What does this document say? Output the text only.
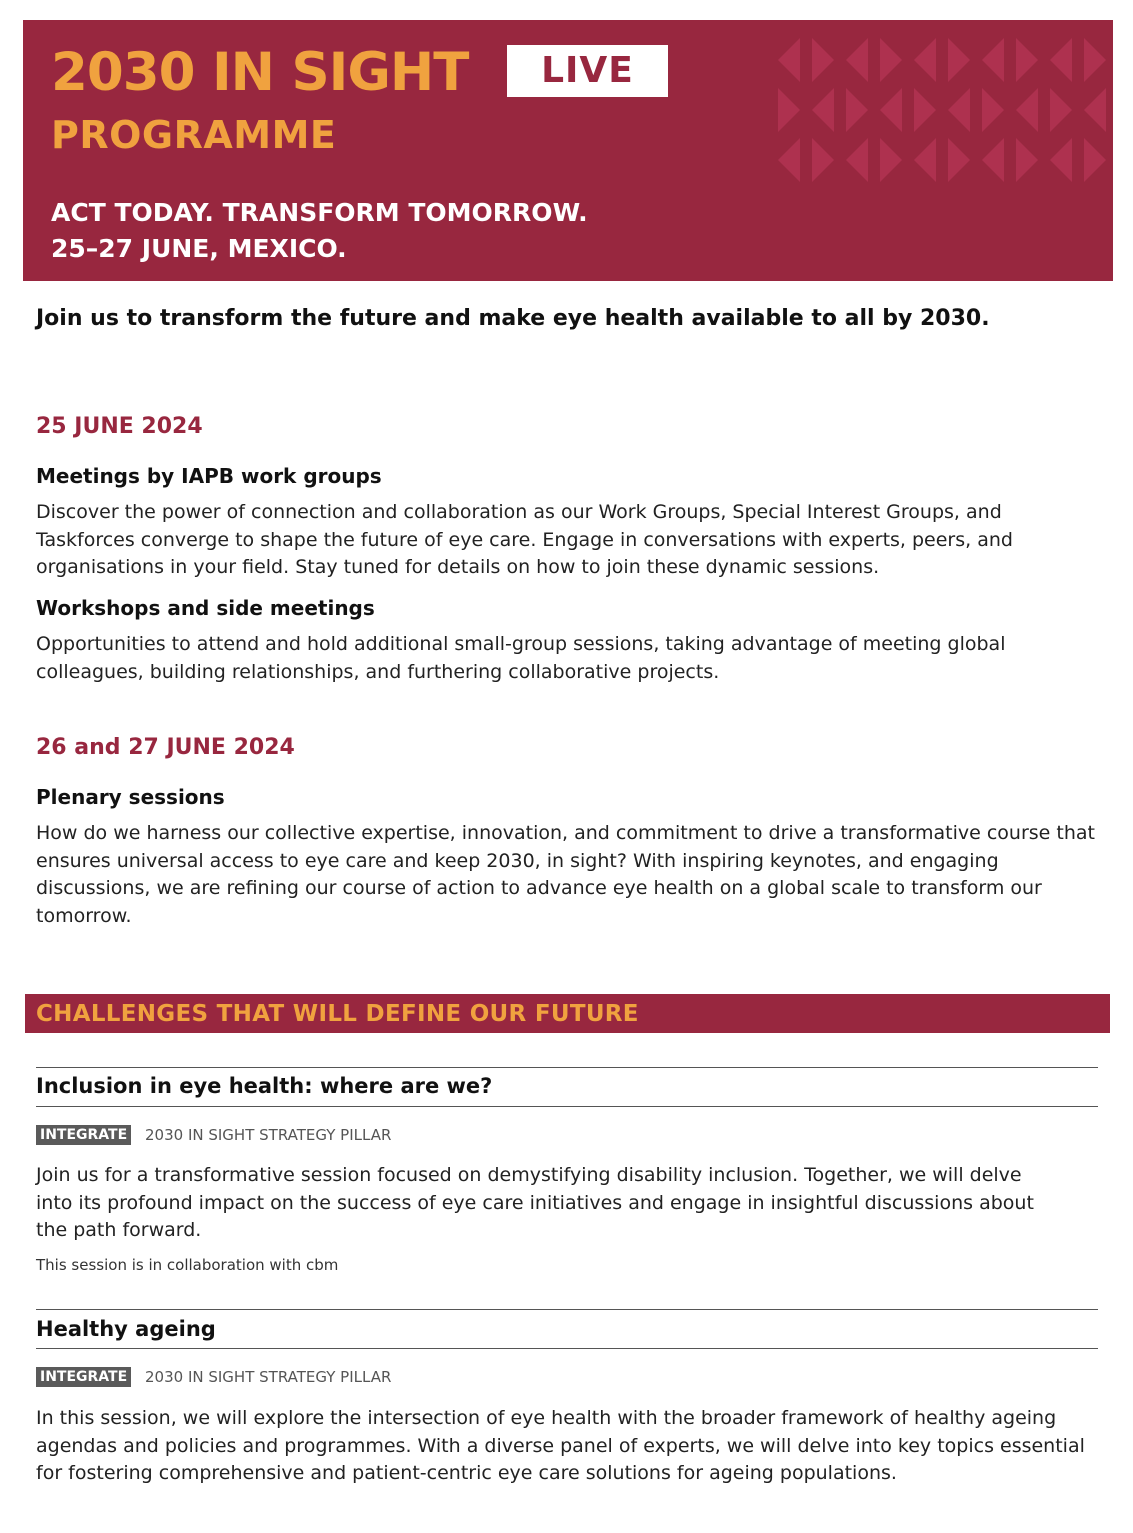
2030 IN SIGHT	LIVE
PROGRAMME
ACT TODAY. TRANSFORM TOMORROW.
25–27 JUNE, MEXICO.
Join us to transform the future and make eye health available to all by 2030.
25 JUNE 2024
Meetings by IAPB work groups
Discover the power of connection and collaboration as our Work Groups, Special Interest Groups, and Taskforces converge to shape the future of eye care. Engage in conversations with experts, peers, and organisations in your field. Stay tuned for details on how to join these dynamic sessions.
Workshops and side meetings
Opportunities to attend and hold additional small-group sessions, taking advantage of meeting global colleagues, building relationships, and furthering collaborative projects.
26 and 27 JUNE 2024
Plenary sessions
How do we harness our collective expertise, innovation, and commitment to drive a transformative course that ensures universal access to eye care and keep 2030, in sight? With inspiring keynotes, and engaging discussions, we are refining our course of action to advance eye health on a global scale to transform our tomorrow.
CHALLENGES THAT WILL DEFINE OUR FUTURE
Inclusion in eye health: where are we?
INTEGRATE 2030 IN SIGHT STRATEGY PILLAR
Join us for a transformative session focused on demystifying disability inclusion. Together, we will delve into its profound impact on the success of eye care initiatives and engage in insightful discussions about the path forward.
This session is in collaboration with cbm
Healthy ageing
INTEGRATE 2030 IN SIGHT STRATEGY PILLAR
In this session, we will explore the intersection of eye health with the broader framework of healthy ageing agendas and policies and programmes. With a diverse panel of experts, we will delve into key topics essential for fostering comprehensive and patient-centric eye care solutions for ageing populations.
